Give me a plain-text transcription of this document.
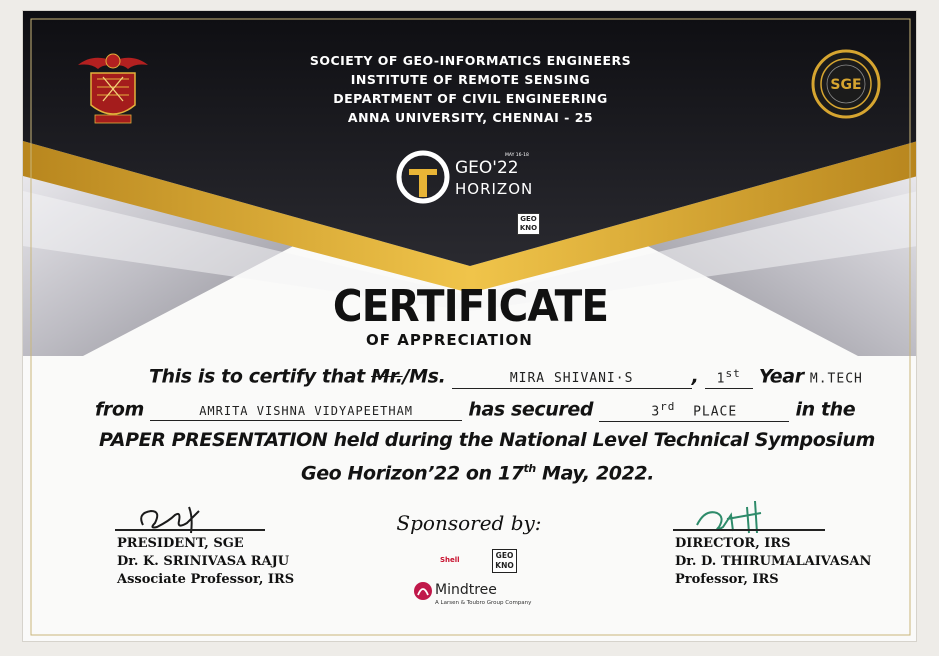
SGE
SOCIETY OF GEO-INFORMATICS ENGINEERS
INSTITUTE OF REMOTE SENSING
DEPARTMENT OF CIVIL ENGINEERING
ANNA UNIVERSITY, CHENNAI - 25
GEO'22
HORIZON
MAY 16-18
GEO
KNO
CERTIFICATE
OF APPRECIATION
This is to certify that Mr./Ms.	MIRA SHIVANI·S	, 1st Year M.TECH
from	AMRITA VISHNA VIDYAPEETHAM	has secured	3rd PLACE	in the
PAPER PRESENTATION held during the National Level Technical Symposium
Geo Horizon’22 on 17th May, 2022.
PRESIDENT, SGE
Dr. K. SRINIVASA RAJU
Associate Professor, IRS
DIRECTOR, IRS
Dr. D. THIRUMALAIVASAN
Professor, IRS
Sponsored by:
Shell	GEO
KNO
Mindtree
A Larsen & Toubro Group Company
